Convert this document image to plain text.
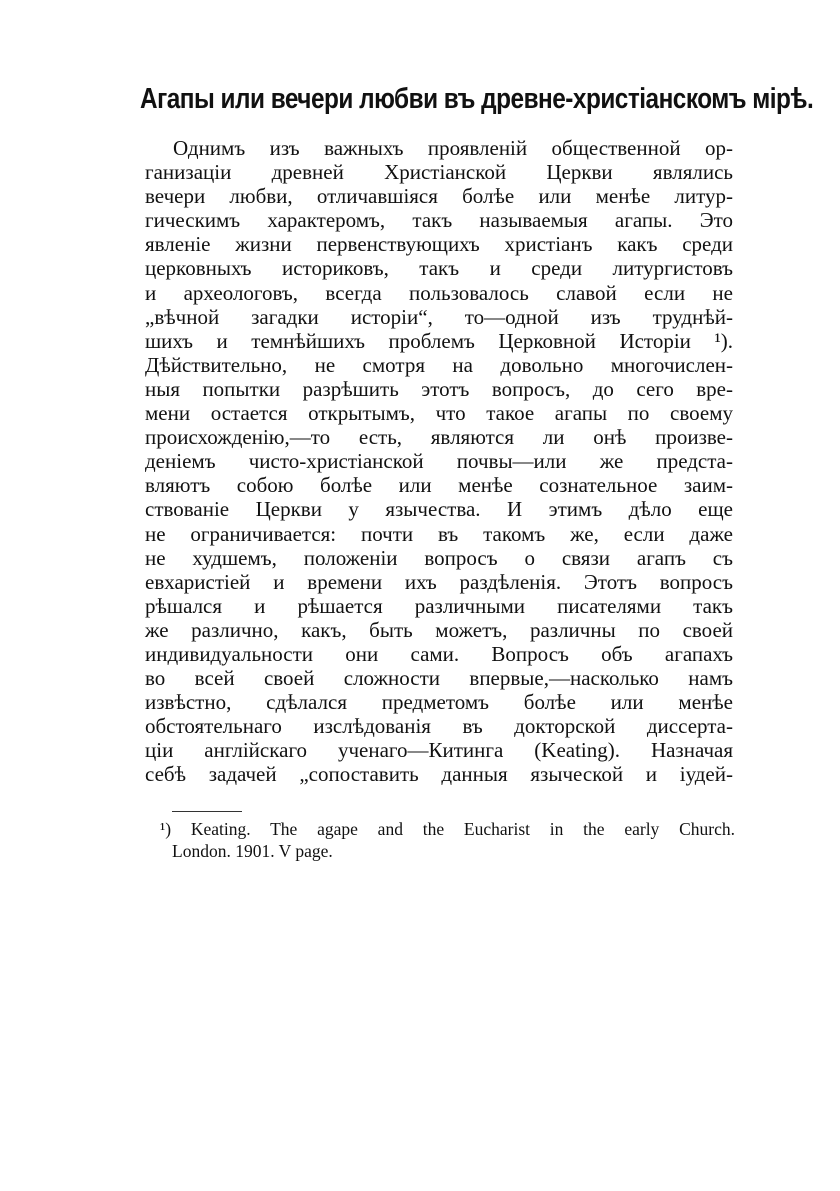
Агапы или вечери любви въ древне-христіанскомъ мірѣ.
Однимъ изъ важныхъ проявленій общественной ор-
ганизаціи древней Христіанской Церкви являлись
вечери любви, отличавшіяся болѣе или менѣе литур-
гическимъ характеромъ, такъ называемыя агапы. Это
явленіе жизни первенствующихъ христіанъ какъ среди
церковныхъ историковъ, такъ и среди литургистовъ
и археологовъ, всегда пользовалось славой если не
„вѣчной загадки исторіи“, то—одной изъ труднѣй-
шихъ и темнѣйшихъ проблемъ Церковной Исторіи ¹).
Дѣйствительно, не смотря на довольно многочислен-
ныя попытки разрѣшить этотъ вопросъ, до сего вре-
мени остается открытымъ, что такое агапы по своему
происхожденію,—то есть, являются ли онѣ произве-
деніемъ чисто-христіанской почвы—или же предста-
вляютъ собою болѣе или менѣе сознательное заим-
ствованіе Церкви у язычества. И этимъ дѣло еще
не ограничивается: почти въ такомъ же, если даже
не худшемъ, положеніи вопросъ о связи агапъ съ
евхаристіей и времени ихъ раздѣленія. Этотъ вопросъ
рѣшался и рѣшается различными писателями такъ
же различно, какъ, быть можетъ, различны по своей
индивидуальности они сами. Вопросъ объ агапахъ
во всей своей сложности впервые,—насколько намъ
извѣстно, сдѣлался предметомъ болѣе или менѣе
обстоятельнаго изслѣдованія въ докторской диссерта-
ціи англійскаго ученаго—Китинга (Keating). Назначая
себѣ задачей „сопоставить данныя языческой и іудей-
¹) Keating. The agape and the Eucharist in the early Church.
London. 1901. V page.
